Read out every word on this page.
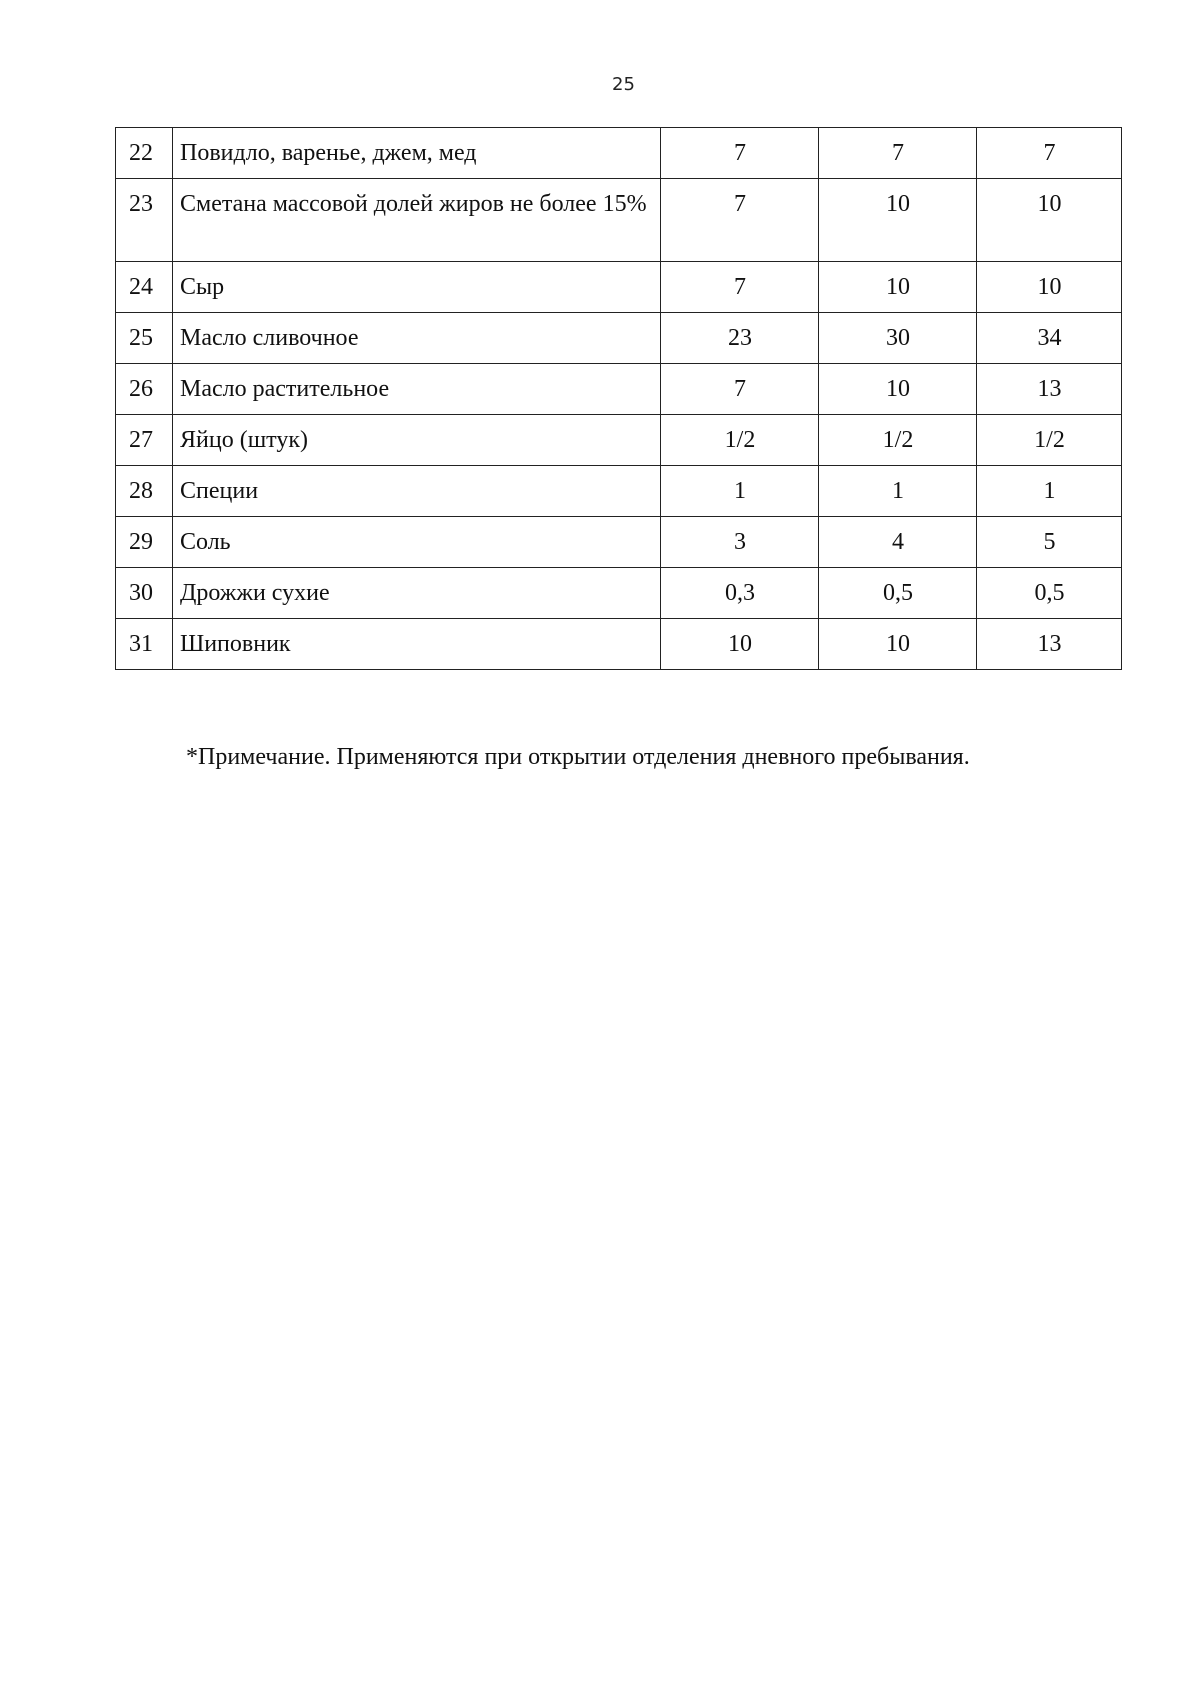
25
22	Повидло, варенье, джем, мед	7	7	7
23	Сметана массовой долей жиров не более 15%	7	10	10
24	Сыр	7	10	10
25	Масло сливочное	23	30	34
26	Масло растительное	7	10	13
27	Яйцо (штук)	1/2	1/2	1/2
28	Специи	1	1	1
29	Соль	3	4	5
30	Дрожжи сухие	0,3	0,5	0,5
31	Шиповник	10	10	13
*Примечание. Применяются при открытии отделения дневного пребывания.
